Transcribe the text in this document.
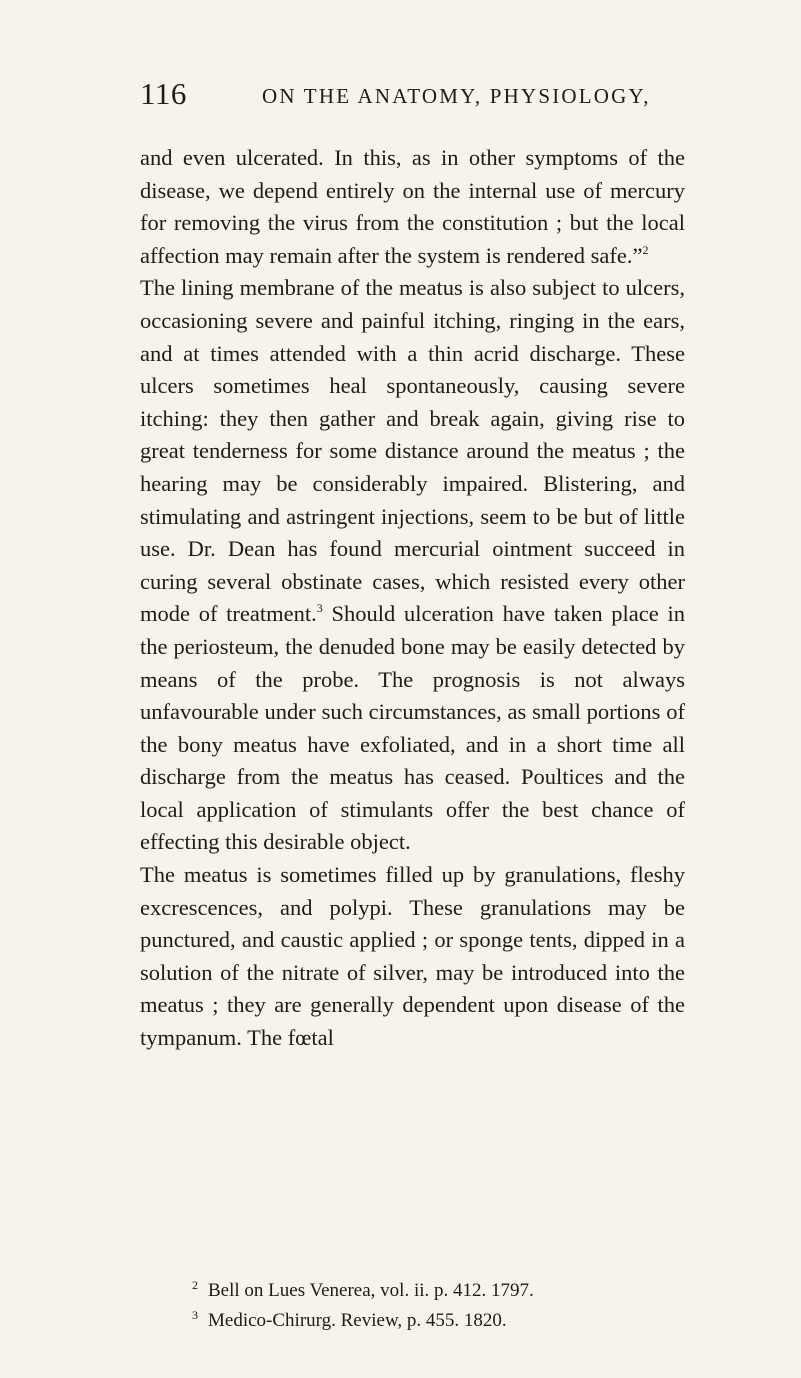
116	ON THE ANATOMY, PHYSIOLOGY,

and even ulcerated. In this, as in other symptoms of the disease, we depend entirely on the internal use of mercury for removing the virus from the constitution ; but the local affection may remain after the system is rendered safe.”$^2$

The lining membrane of the meatus is also subject to ulcers, occasioning severe and painful itching, ringing in the ears, and at times attended with a thin acrid discharge. These ulcers sometimes heal spontaneously, causing severe itching: they then gather and break again, giving rise to great tenderness for some distance around the meatus ; the hearing may be considerably impaired. Blistering, and stimulating and astringent injections, seem to be but of little use. Dr. Dean has found mercurial ointment succeed in curing several obstinate cases, which resisted every other mode of treatment.$^3$ Should ulceration have taken place in the periosteum, the denuded bone may be easily detected by means of the probe. The prognosis is not always unfavourable under such circumstances, as small portions of the bony meatus have exfoliated, and in a short time all discharge from the meatus has ceased. Poultices and the local application of stimulants offer the best chance of effecting this desirable object.

The meatus is sometimes filled up by granulations, fleshy excrescences, and polypi. These granulations may be punctured, and caustic applied ; or sponge tents, dipped in a solution of the nitrate of silver, may be introduced into the meatus ; they are generally dependent upon disease of the tympanum. The fœtal

$^2$ Bell on Lues Venerea, vol. ii. p. 412. 1797.

$^3$ Medico-Chirurg. Review, p. 455. 1820.
